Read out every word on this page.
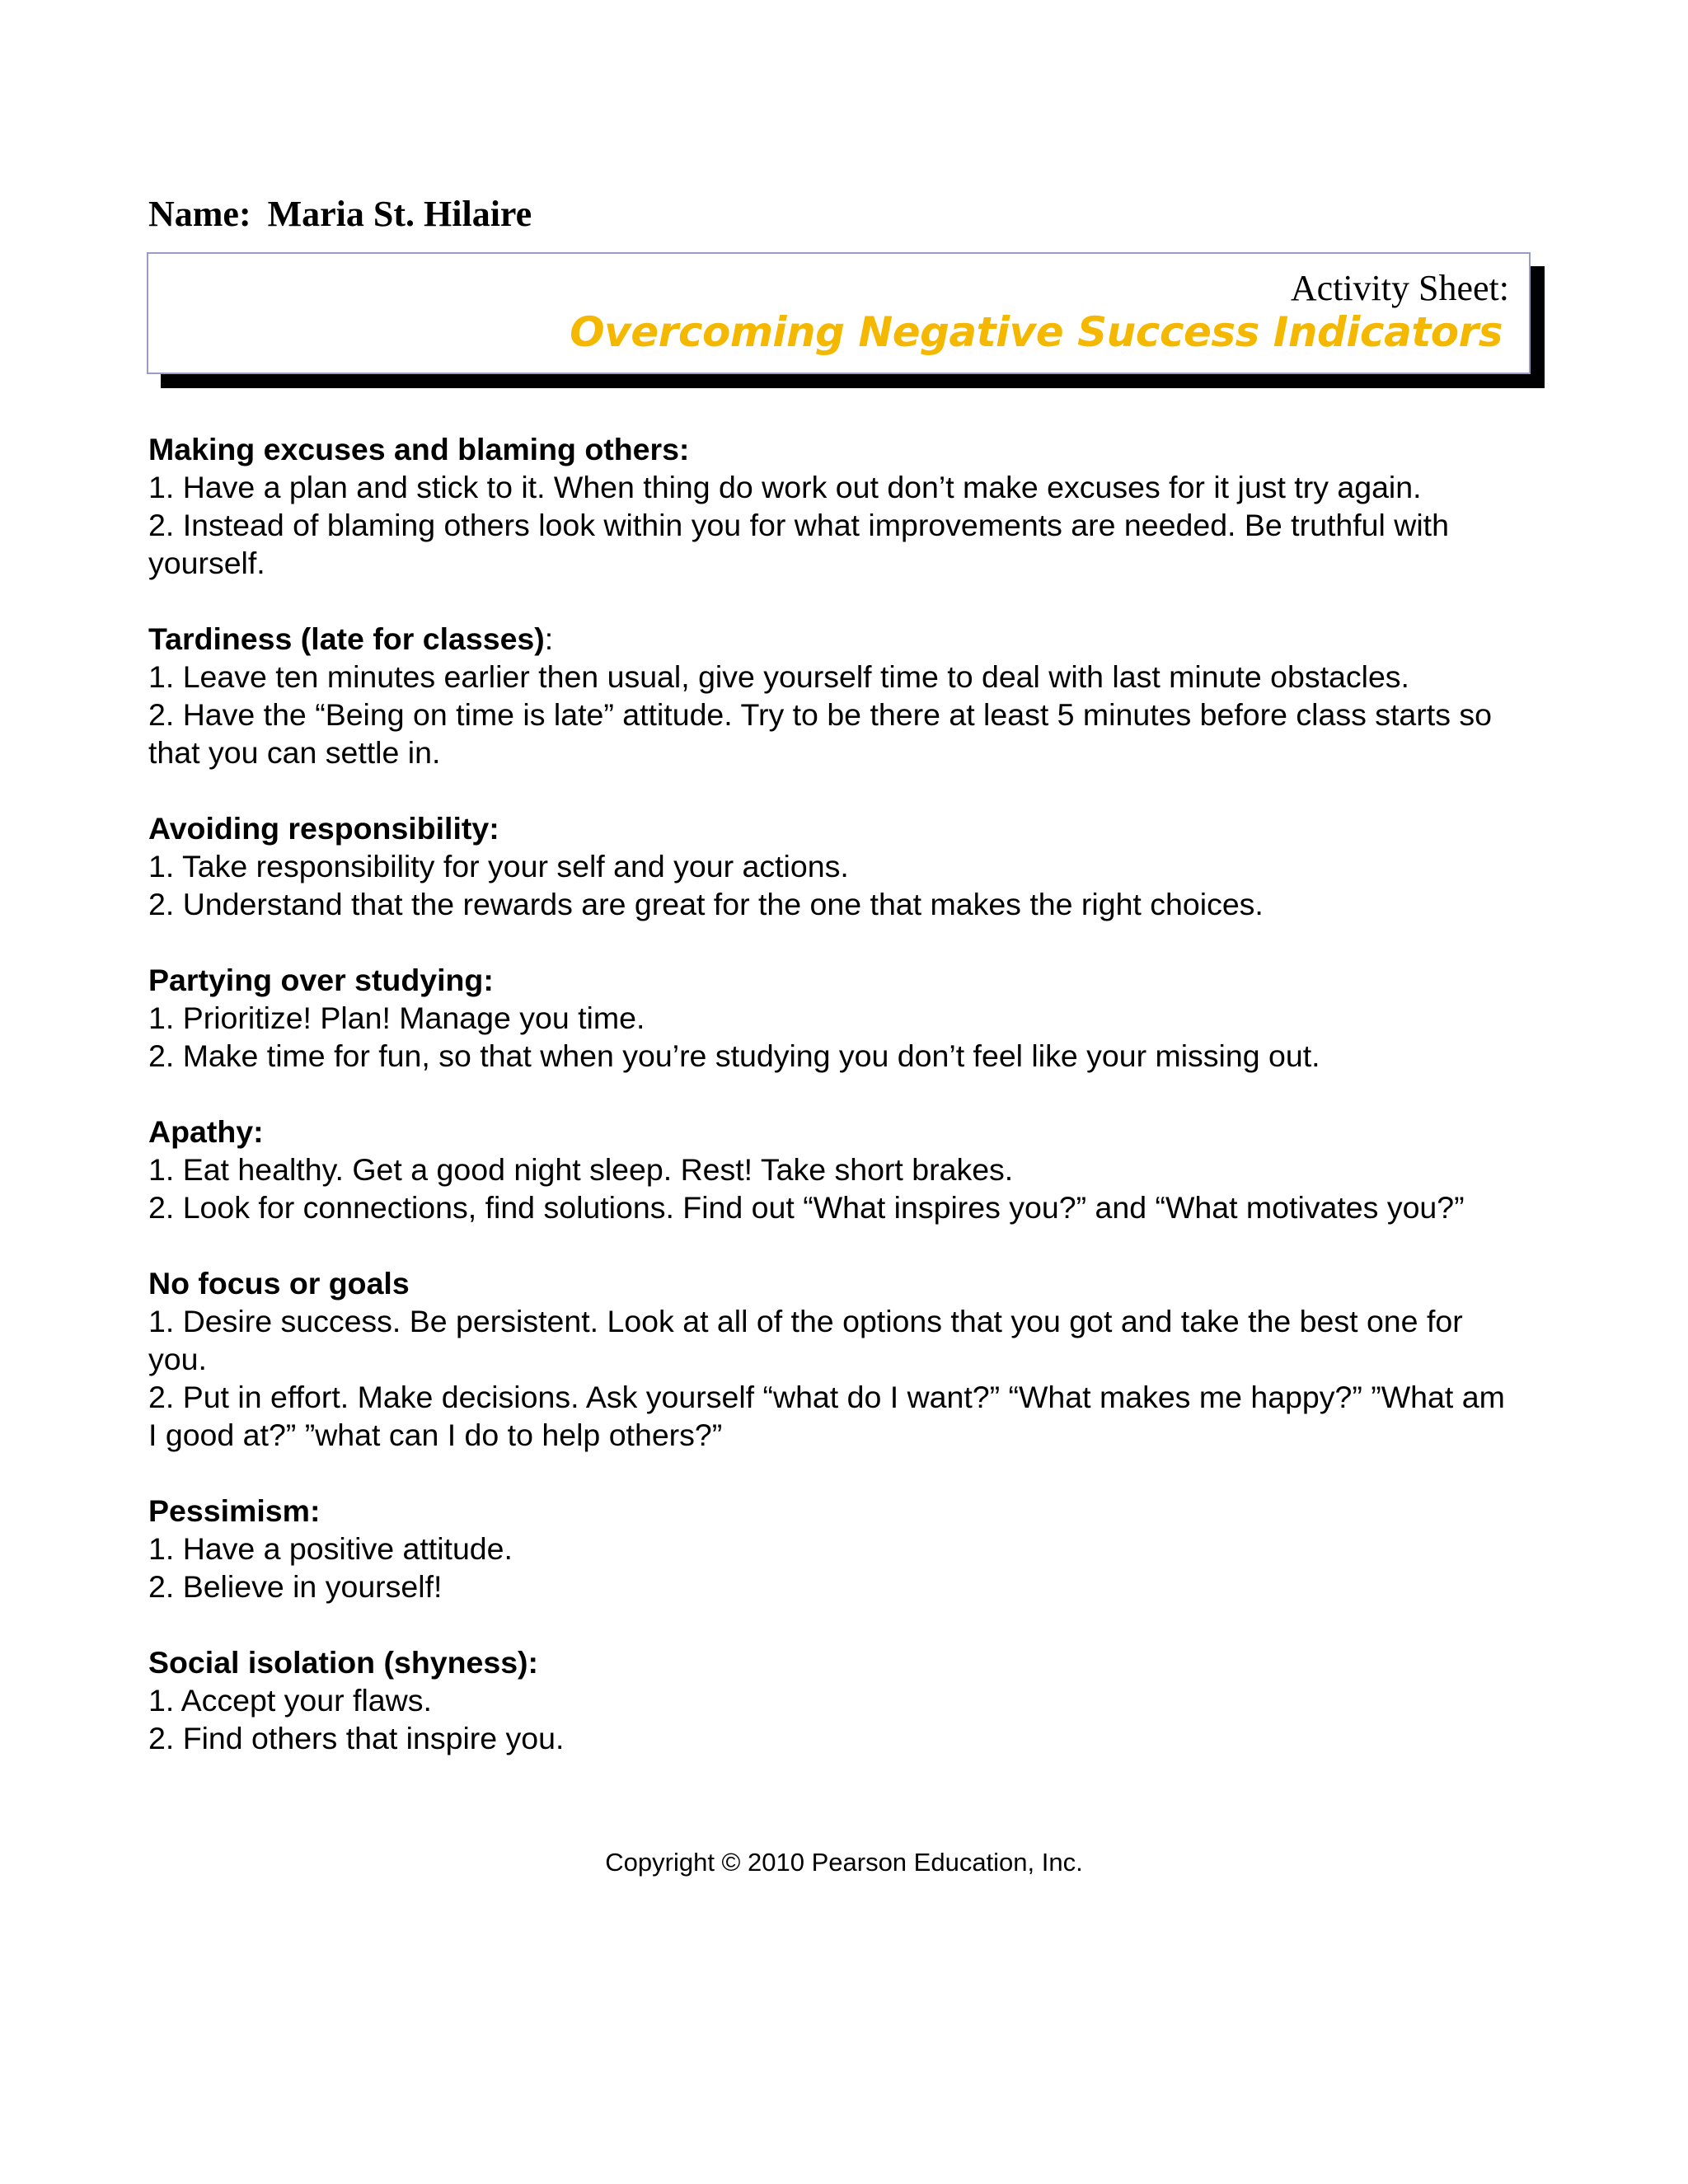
Name: Maria St. Hilaire
Activity Sheet:
Overcoming Negative Success Indicators
Making excuses and blaming others:
1. Have a plan and stick to it. When thing do work out don’t make excuses for it just try again.
2. Instead of blaming others look within you for what improvements are needed. Be truthful with yourself.
Tardiness (late for classes):
1. Leave ten minutes earlier then usual, give yourself time to deal with last minute obstacles.
2. Have the “Being on time is late” attitude. Try to be there at least 5 minutes before class starts so that you can settle in.
Avoiding responsibility:
1. Take responsibility for your self and your actions.
2. Understand that the rewards are great for the one that makes the right choices.
Partying over studying:
1. Prioritize! Plan! Manage you time.
2. Make time for fun, so that when you’re studying you don’t feel like your missing out.
Apathy:
1. Eat healthy. Get a good night sleep. Rest! Take short brakes.
2. Look for connections, find solutions. Find out “What inspires you?” and “What motivates you?”
No focus or goals
1. Desire success. Be persistent. Look at all of the options that you got and take the best one for you.
2. Put in effort. Make decisions. Ask yourself “what do I want?” “What makes me happy?” ”What am I good at?” ”what can I do to help others?”
Pessimism:
1. Have a positive attitude.
2. Believe in yourself!
Social isolation (shyness):
1. Accept your flaws.
2. Find others that inspire you.
Copyright © 2010 Pearson Education, Inc.
